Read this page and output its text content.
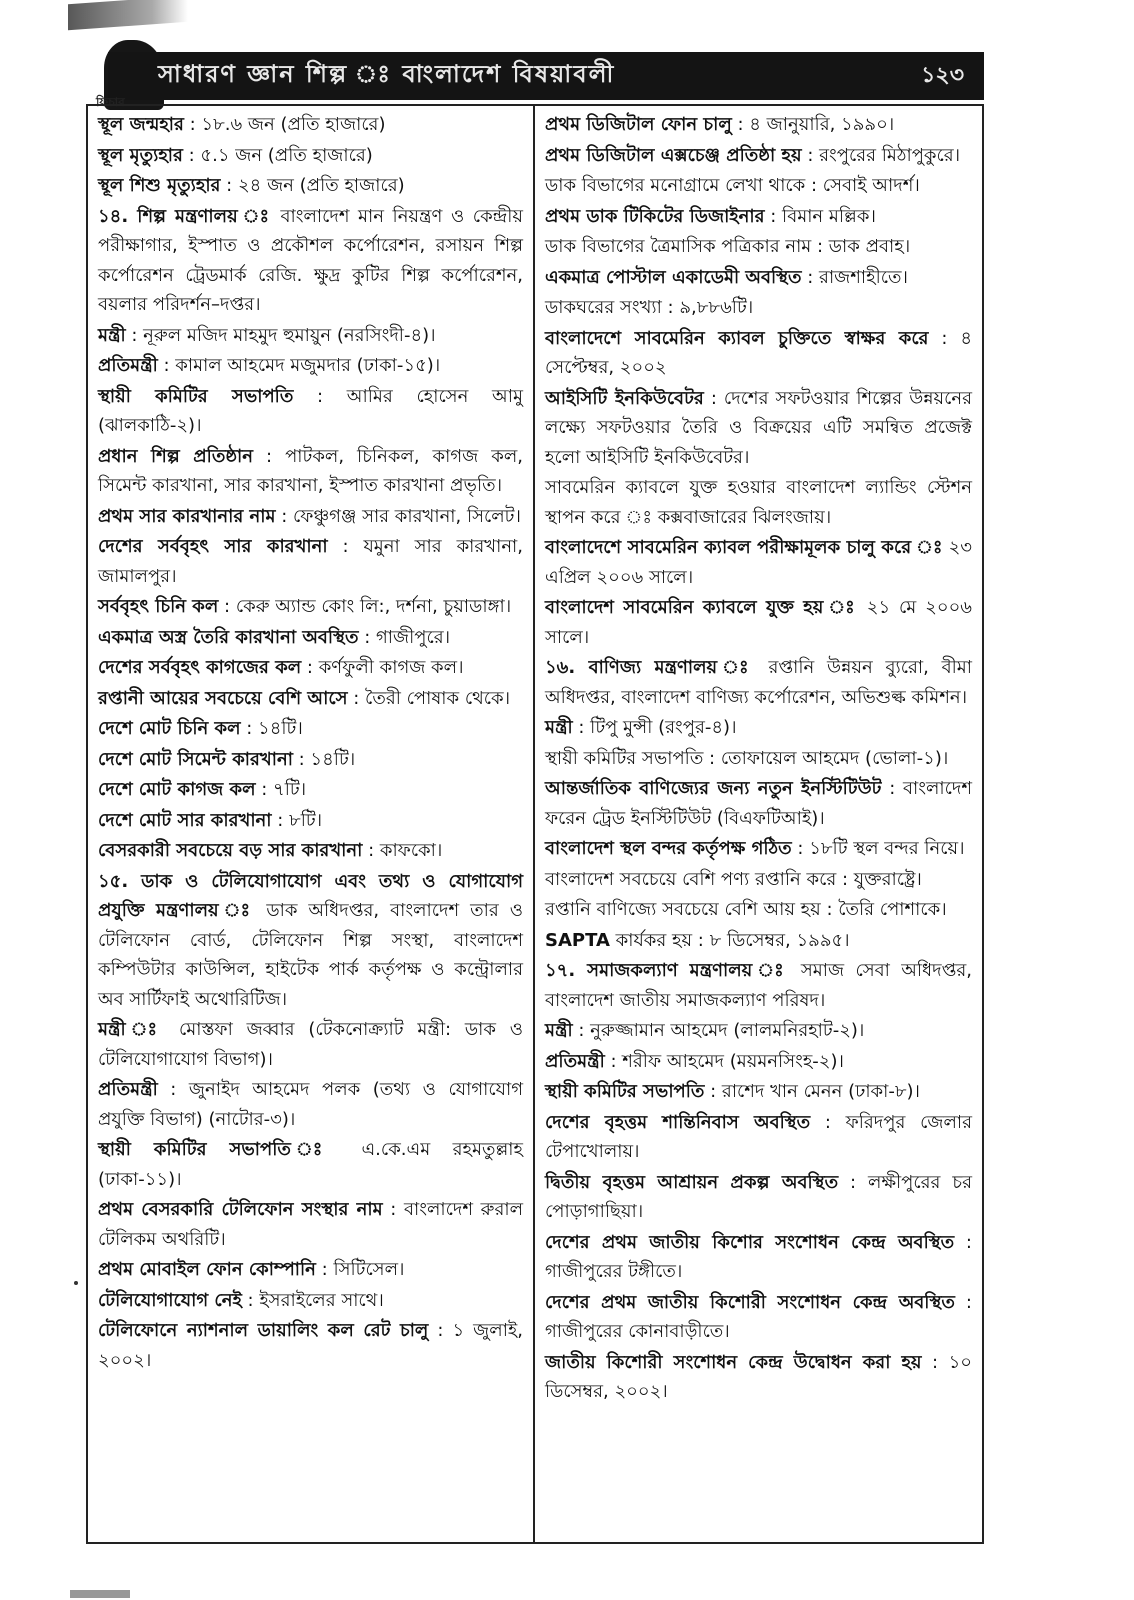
সাধারণ জ্ঞান শিল্প ঃ বাংলাদেশ বিষয়াবলী	১২৩
ফিচার

স্থূল জন্মহার : ১৮.৬ জন (প্রতি হাজারে)

স্থূল মৃত্যুহার : ৫.১ জন (প্রতি হাজারে)

স্থূল শিশু মৃত্যুহার : ২৪ জন (প্রতি হাজারে)

১৪. শিল্প মন্ত্রণালয় ঃ বাংলাদেশ মান নিয়ন্ত্রণ ও কেন্দ্রীয় পরীক্ষাগার, ইস্পাত ও প্রকৌশল কর্পোরেশন, রসায়ন শিল্প কর্পোরেশন ট্রেডমার্ক রেজি. ক্ষুদ্র কুটির শিল্প কর্পোরেশন, বয়লার পরিদর্শন–দপ্তর।

মন্ত্রী : নূরুল মজিদ মাহমুদ হুমায়ুন (নরসিংদী-৪)।

প্রতিমন্ত্রী : কামাল আহমেদ মজুমদার (ঢাকা-১৫)।

স্থায়ী কমিটির সভাপতি : আমির হোসেন আমু (ঝালকাঠি-২)।

প্রধান শিল্প প্রতিষ্ঠান : পাটকল, চিনিকল, কাগজ কল, সিমেন্ট কারখানা, সার কারখানা, ইস্পাত কারখানা প্রভৃতি।

প্রথম সার কারখানার নাম : ফেঞ্চুগঞ্জ সার কারখানা, সিলেট।

দেশের সর্ববৃহৎ সার কারখানা : যমুনা সার কারখানা, জামালপুর।

সর্ববৃহৎ চিনি কল : কেরু অ্যান্ড কোং লি:, দর্শনা, চুয়াডাঙ্গা।

একমাত্র অস্ত্র তৈরি কারখানা অবস্থিত : গাজীপুরে।

দেশের সর্ববৃহৎ কাগজের কল : কর্ণফুলী কাগজ কল।

রপ্তানী আয়ের সবচেয়ে বেশি আসে : তৈরী পোষাক থেকে।

দেশে মোট চিনি কল : ১৪টি।

দেশে মোট সিমেন্ট কারখানা : ১৪টি।

দেশে মোট কাগজ কল : ৭টি।

দেশে মোট সার কারখানা : ৮টি।

বেসরকারী সবচেয়ে বড় সার কারখানা : কাফকো।

১৫. ডাক ও টেলিযোগাযোগ এবং তথ্য ও যোগাযোগ প্রযুক্তি মন্ত্রণালয় ঃ ডাক অধিদপ্তর, বাংলাদেশ তার ও টেলিফোন বোর্ড, টেলিফোন শিল্প সংস্থা, বাংলাদেশ কম্পিউটার কাউন্সিল, হাইটেক পার্ক কর্তৃপক্ষ ও কন্ট্রোলার অব সার্টিফাই অথোরিটিজ।

মন্ত্রী ঃ মোস্তফা জব্বার (টেকনোক্র্যাট মন্ত্রী: ডাক ও টেলিযোগাযোগ বিভাগ)।

প্রতিমন্ত্রী : জুনাইদ আহমেদ পলক (তথ্য ও যোগাযোগ প্রযুক্তি বিভাগ) (নাটোর-৩)।

স্থায়ী কমিটির সভাপতি ঃ এ.কে.এম রহমতুল্লাহ (ঢাকা-১১)।

প্রথম বেসরকারি টেলিফোন সংস্থার নাম : বাংলাদেশ রুরাল টেলিকম অথরিটি।

প্রথম মোবাইল ফোন কোম্পানি : সিটিসেল।

টেলিযোগাযোগ নেই : ইসরাইলের সাথে।

টেলিফোনে ন্যাশনাল ডায়ালিং কল রেট চালু : ১ জুলাই, ২০০২।

প্রথম ডিজিটাল ফোন চালু : ৪ জানুয়ারি, ১৯৯০।

প্রথম ডিজিটাল এক্সচেঞ্জ প্রতিষ্ঠা হয় : রংপুরের মিঠাপুকুরে।

ডাক বিভাগের মনোগ্রামে লেখা থাকে : সেবাই আদর্শ।

প্রথম ডাক টিকিটের ডিজাইনার : বিমান মল্লিক।

ডাক বিভাগের ত্রৈমাসিক পত্রিকার নাম : ডাক প্রবাহ।

একমাত্র পোস্টাল একাডেমী অবস্থিত : রাজশাহীতে।

ডাকঘরের সংখ্যা : ৯,৮৮৬টি।

বাংলাদেশে সাবমেরিন ক্যাবল চুক্তিতে স্বাক্ষর করে : ৪ সেপ্টেম্বর, ২০০২

আইসিটি ইনকিউবেটর : দেশের সফটওয়ার শিল্পের উন্নয়নের লক্ষ্যে সফটওয়ার তৈরি ও বিক্রয়ের এটি সমন্বিত প্রজেক্ট হলো আইসিটি ইনকিউবেটর।

সাবমেরিন ক্যাবলে যুক্ত হওয়ার বাংলাদেশ ল্যান্ডিং স্টেশন স্থাপন করে ঃ কক্সবাজারের ঝিলংজায়।

বাংলাদেশে সাবমেরিন ক্যাবল পরীক্ষামূলক চালু করে ঃ ২৩ এপ্রিল ২০০৬ সালে।

বাংলাদেশ সাবমেরিন ক্যাবলে যুক্ত হয় ঃ ২১ মে ২০০৬ সালে।

১৬. বাণিজ্য মন্ত্রণালয় ঃ রপ্তানি উন্নয়ন ব্যুরো, বীমা অধিদপ্তর, বাংলাদেশ বাণিজ্য কর্পোরেশন, অভিশুল্ক কমিশন।

মন্ত্রী : টিপু মুন্সী (রংপুর-৪)।

স্থায়ী কমিটির সভাপতি : তোফায়েল আহমেদ (ভোলা-১)।

আন্তর্জাতিক বাণিজ্যের জন্য নতুন ইনস্টিটিউট : বাংলাদেশ ফরেন ট্রেড ইনস্টিটিউট (বিএফটিআই)।

বাংলাদেশ স্থল বন্দর কর্তৃপক্ষ গঠিত : ১৮টি স্থল বন্দর নিয়ে।

বাংলাদেশ সবচেয়ে বেশি পণ্য রপ্তানি করে : যুক্তরাষ্ট্রে।

রপ্তানি বাণিজ্যে সবচেয়ে বেশি আয় হয় : তৈরি পোশাকে।

SAPTA কার্যকর হয় : ৮ ডিসেম্বর, ১৯৯৫।

১৭. সমাজকল্যাণ মন্ত্রণালয় ঃ সমাজ সেবা অধিদপ্তর, বাংলাদেশ জাতীয় সমাজকল্যাণ পরিষদ।

মন্ত্রী : নুরুজ্জামান আহমেদ (লালমনিরহাট-২)।

প্রতিমন্ত্রী : শরীফ আহমেদ (ময়মনসিংহ-২)।

স্থায়ী কমিটির সভাপতি : রাশেদ খান মেনন (ঢাকা-৮)।

দেশের বৃহত্তম শান্তিনিবাস অবস্থিত : ফরিদপুর জেলার টেপাখোলায়।

দ্বিতীয় বৃহত্তম আশ্রায়ন প্রকল্প অবস্থিত : লক্ষীপুরের চর পোড়াগাছিয়া।

দেশের প্রথম জাতীয় কিশোর সংশোধন কেন্দ্র অবস্থিত : গাজীপুরের টঙ্গীতে।

দেশের প্রথম জাতীয় কিশোরী সংশোধন কেন্দ্র অবস্থিত : গাজীপুরের কোনাবাড়ীতে।

জাতীয় কিশোরী সংশোধন কেন্দ্র উদ্বোধন করা হয় : ১০ ডিসেম্বর, ২০০২।
